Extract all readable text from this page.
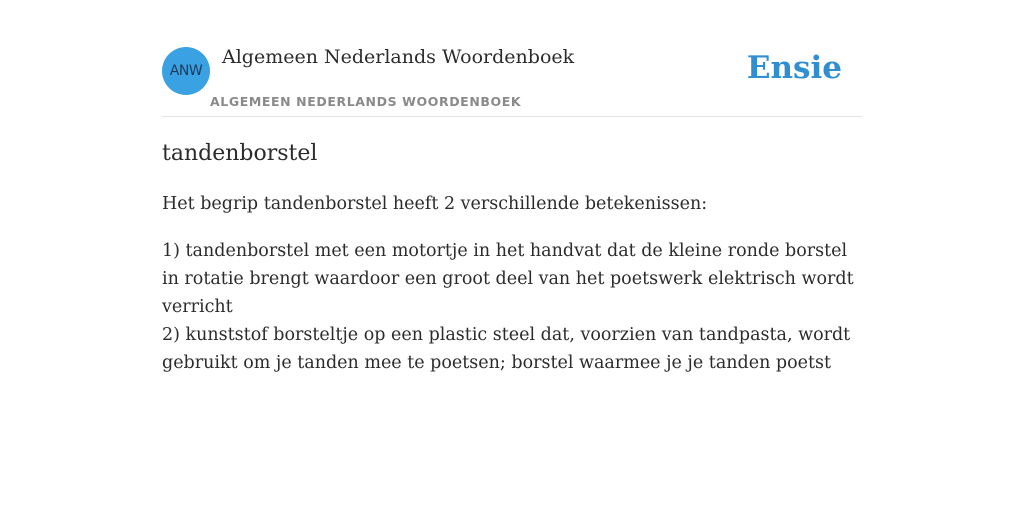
ANW
Algemeen Nederlands Woordenboek
ALGEMEEN NEDERLANDS WOORDENBOEK
Ensie
tandenborstel

Het begrip tandenborstel heeft 2 verschillende betekenissen:

1) tandenborstel met een motortje in het handvat dat de kleine ronde borstel in rotatie brengt waardoor een groot deel van het poetswerk elektrisch wordt verricht
2) kunststof borsteltje op een plastic steel dat, voorzien van tandpasta, wordt gebruikt om je tanden mee te poetsen; borstel waarmee je je tanden poetst
